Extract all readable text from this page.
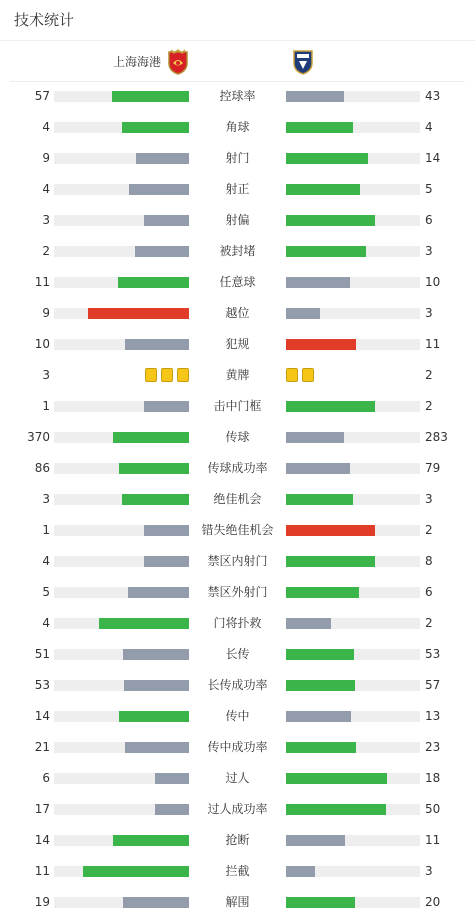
技术统计
上海海港
57	控球率	43
4	角球	4
9	射门	14
4	射正	5
3	射偏	6
2	被封堵	3
11	任意球	10
9	越位	3
10	犯规	11
3	黄牌	2
1	击中门框	2
370	传球	283
86	传球成功率	79
3	绝佳机会	3
1	错失绝佳机会	2
4	禁区内射门	8
5	禁区外射门	6
4	门将扑救	2
51	长传	53
53	长传成功率	57
14	传中	13
21	传中成功率	23
6	过人	18
17	过人成功率	50
14	抢断	11
11	拦截	3
19	解围	20
